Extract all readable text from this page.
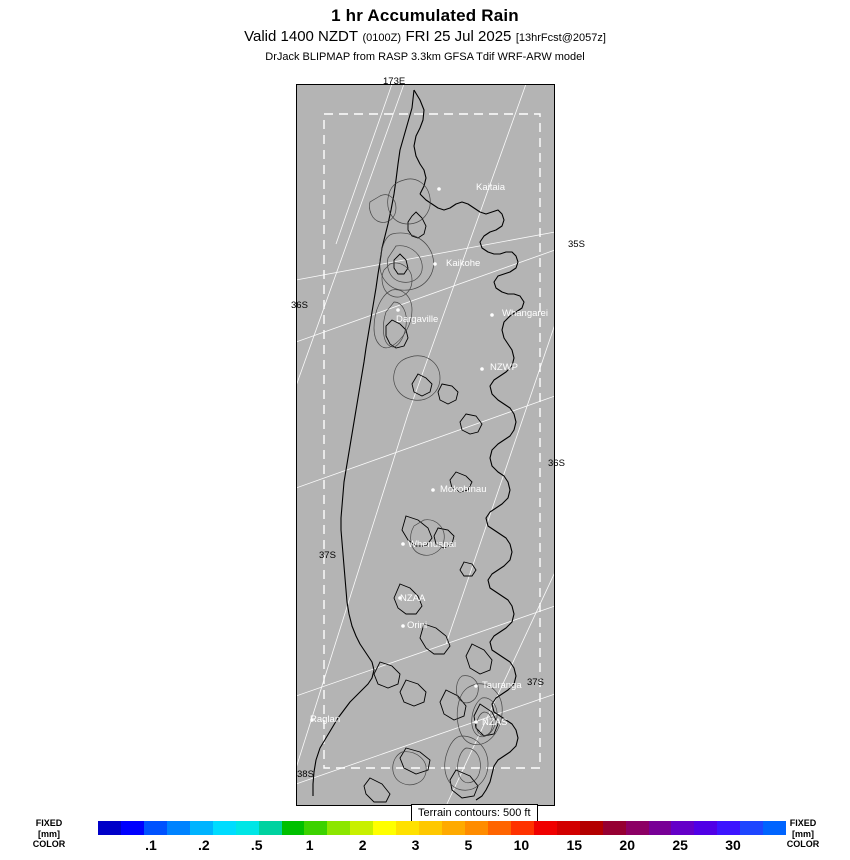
1 hr Accumulated Rain
Valid 1400 NZDT (0100Z) FRI 25 Jul 2025 [13hrFcst@2057z]
DrJack BLIPMAP from RASP 3.3km GFSA Tdif WRF-ARW model
Kaitaia
Kaikohe
Dargaville
Whangarei
NZWP
Mokohinau
Whenuapai
NZAA
Orini
Tauranga
Raglan	NZAS
173E
35S
36S
36S
37S
37S
38S
Terrain contours: 500 ft
FIXED
[mm]
COLOR	.1	.2	.5	1	2	3	5	10	15	20	25	30
FIXED
[mm]
COLOR
